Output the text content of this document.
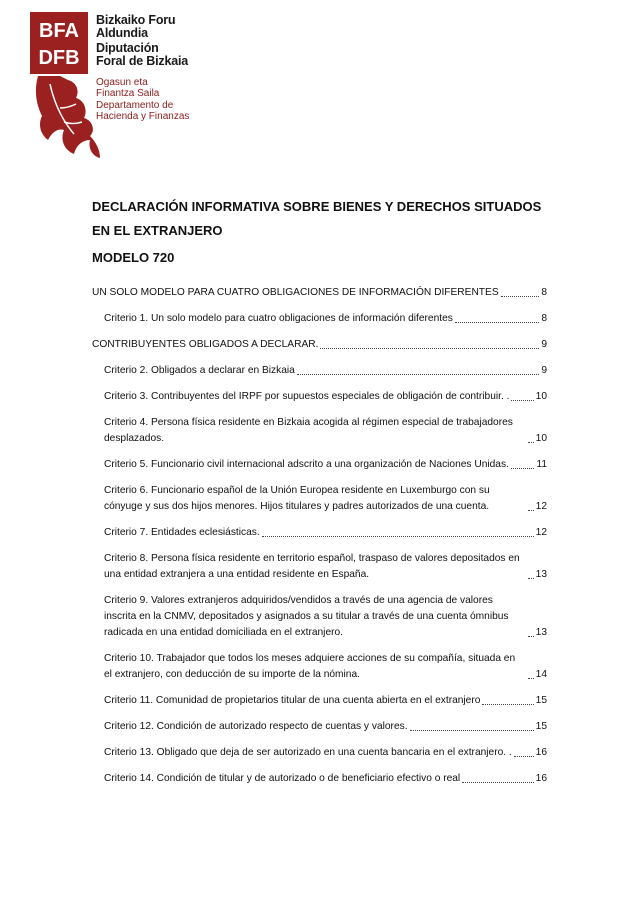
BFA
DFB
Bizkaiko Foru
Aldundia
Diputación
Foral de Bizkaia
Ogasun eta
Finantza Saila
Departamento de
Hacienda y Finanzas
DECLARACIÓN INFORMATIVA SOBRE BIENES Y DERECHOS SITUADOS EN EL EXTRANJERO
MODELO 720
UN SOLO MODELO PARA CUATRO OBLIGACIONES DE INFORMACIÓN DIFERENTES	8
Criterio 1. Un solo modelo para cuatro obligaciones de información diferentes	8
CONTRIBUYENTES OBLIGADOS A DECLARAR.	9
Criterio 2. Obligados a declarar en Bizkaia	9
Criterio 3. Contribuyentes del IRPF por supuestos especiales de obligación de contribuir. .	10
Criterio 4. Persona física residente en Bizkaia acogida al régimen especial de trabajadores desplazados.	10
Criterio 5. Funcionario civil internacional adscrito a una organización de Naciones Unidas.	11
Criterio 6. Funcionario español de la Unión Europea residente en Luxemburgo con su cónyuge y sus dos hijos menores. Hijos titulares y padres autorizados de una cuenta.	12
Criterio 7. Entidades eclesiásticas.	12
Criterio 8. Persona física residente en territorio español, traspaso de valores depositados en una entidad extranjera a una entidad residente en España.	13
Criterio 9. Valores extranjeros adquiridos/vendidos a través de una agencia de valores inscrita en la CNMV, depositados y asignados a su titular a través de una cuenta ómnibus radicada en una entidad domiciliada en el extranjero.	13
Criterio 10. Trabajador que todos los meses adquiere acciones de su compañía, situada en el extranjero, con deducción de su importe de la nómina.	14
Criterio 11. Comunidad de propietarios titular de una cuenta abierta en el extranjero	15
Criterio 12. Condición de autorizado respecto de cuentas y valores.	15
Criterio 13. Obligado que deja de ser autorizado en una cuenta bancaria en el extranjero. . 16
Criterio 14. Condición de titular y de autorizado o de beneficiario efectivo o real	16
